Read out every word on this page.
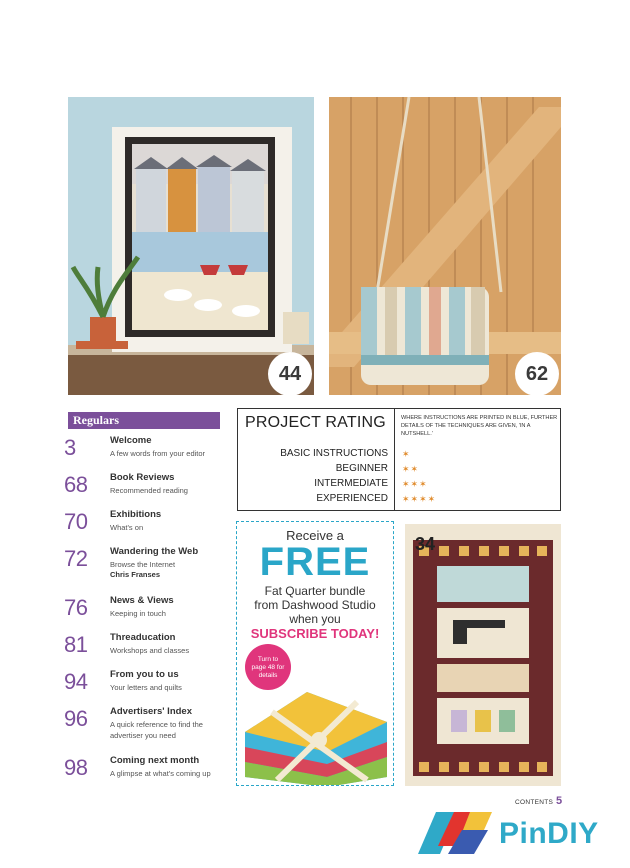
44	62
Regulars
3	Welcome
A few words from your editor
68	Book Reviews
Recommended reading
70	Exhibitions
What's on
72	Wandering the Web
Browse the Internet
Chris Franses
76	News & Views
Keeping in touch
81	Threaducation
Workshops and classes
94	From you to us
Your letters and quilts
96	Advertisers' Index
A quick reference to find the
advertiser you need
98	Coming next month
A glimpse at what's coming up
PROJECT RATING	WHERE INSTRUCTIONS ARE PRINTED IN BLUE, FURTHER DETAILS OF THE TECHNIQUES ARE GIVEN, 'IN A NUTSHELL.'
BASIC INSTRUCTIONS ✶
BEGINNER ✶✶
INTERMEDIATE ✶✶✶
EXPERIENCED ✶✶✶✶
Receive a
FREE
Fat Quarter bundle
from Dashwood Studio
when you
SUBSCRIBE TODAY!
Turn to
page 48 for
details
34
CONTENTS 5
PinDIY
